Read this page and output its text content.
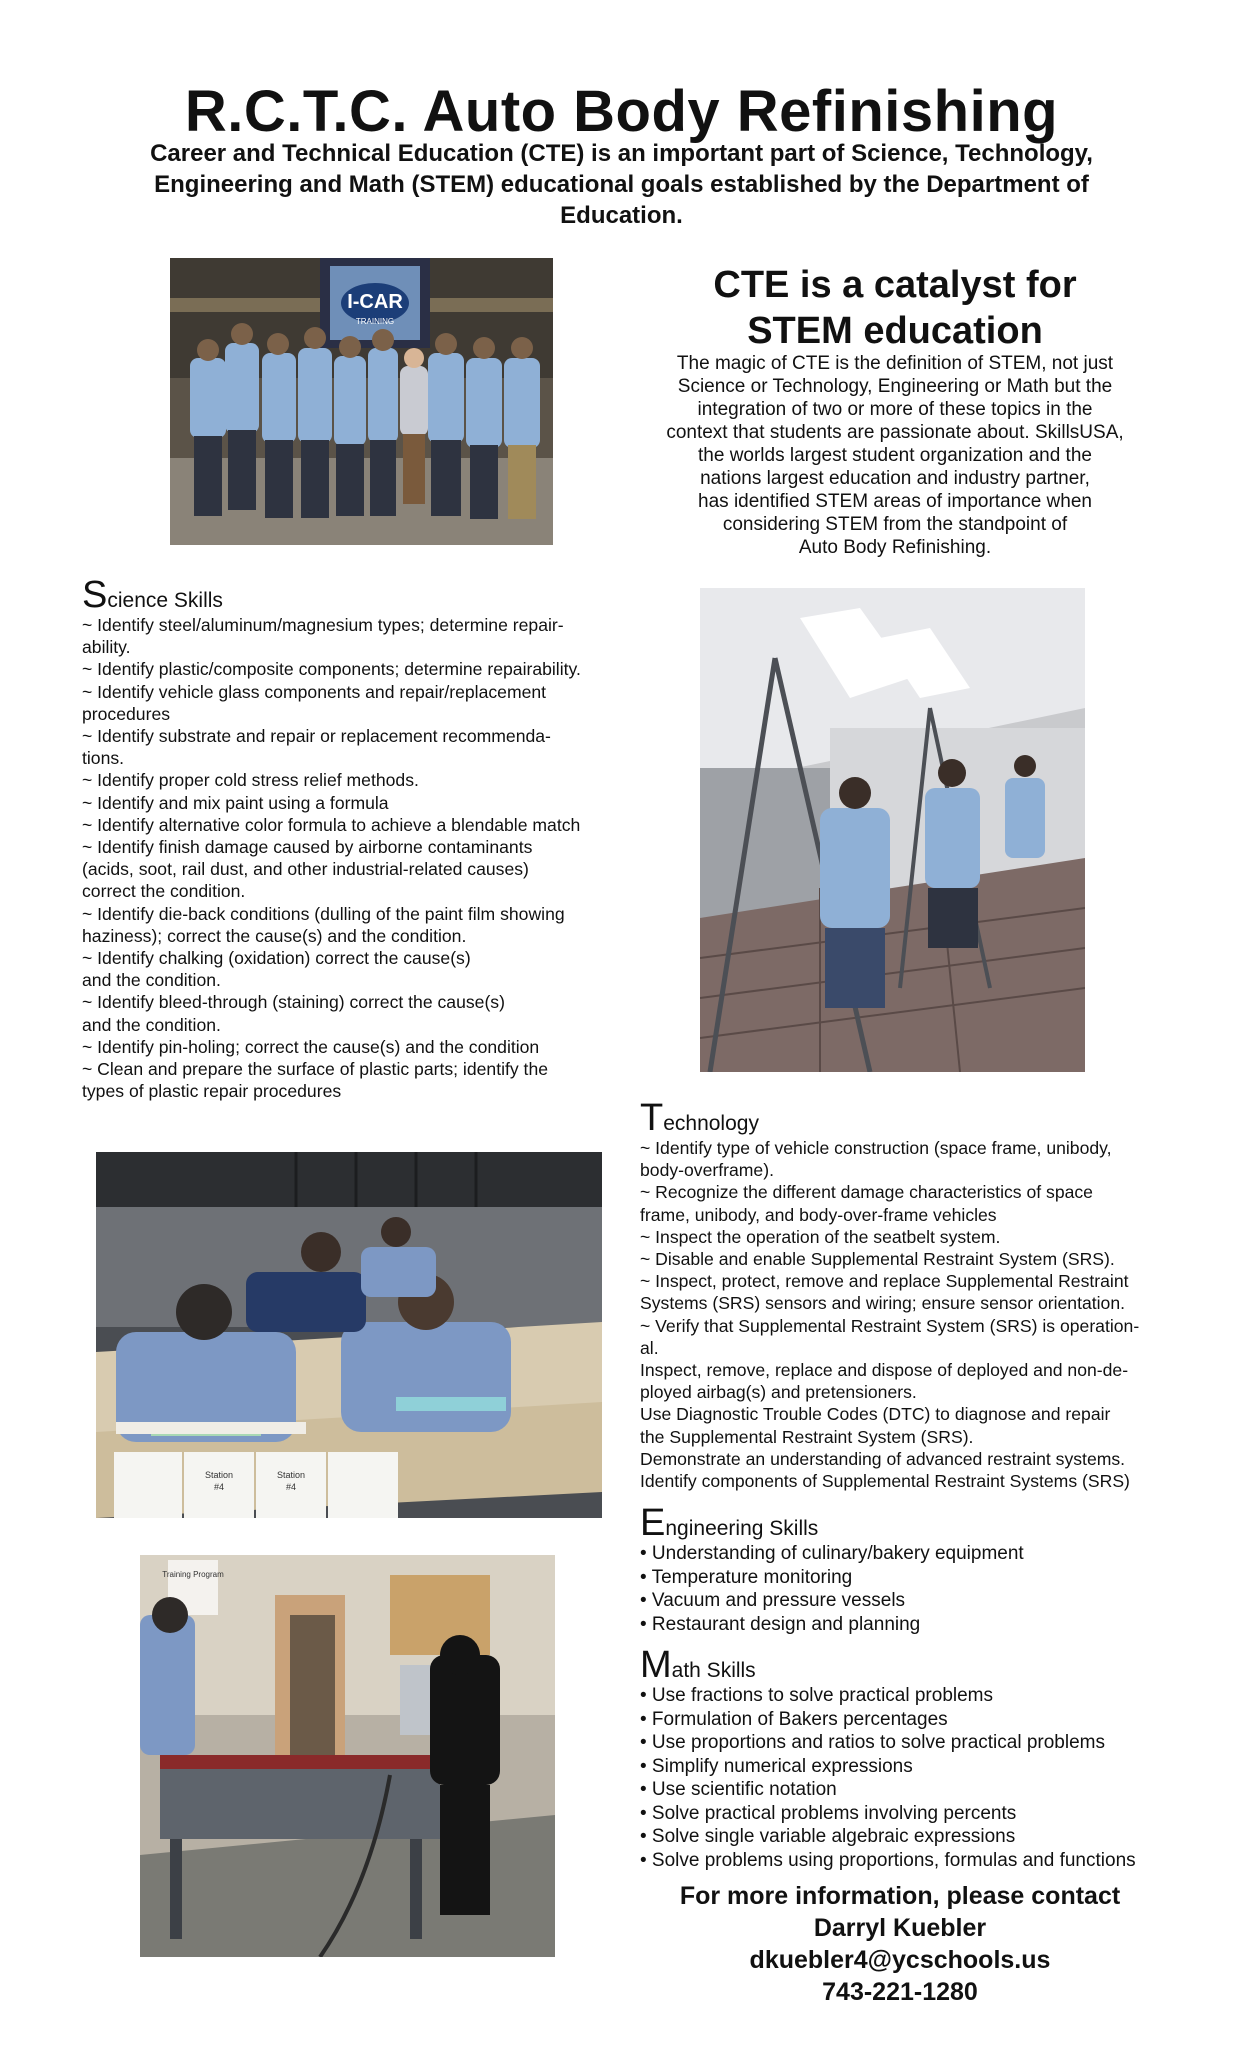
R.C.T.C. Auto Body Refinishing
Career and Technical Education (CTE) is an important part of Science, Technology, Engineering and Math (STEM) educational goals established by the Department of Education.
I-CAR
TRAINING
CTE is a catalyst for
STEM education
The magic of CTE is the definition of STEM, not just
Science or Technology, Engineering or Math but the
integration of two or more of these topics in the
context that students are passionate about. SkillsUSA,
the worlds largest student organization and the
nations largest education and industry partner,
has identified STEM areas of importance when
considering STEM from the standpoint of
Auto Body Refinishing.
Science Skills

~ Identify steel/aluminum/magnesium types; determine repair-

ability.

~ Identify plastic/composite components; determine repairability.

~ Identify vehicle glass components and repair/replacement

procedures

~ Identify substrate and repair or replacement recommenda-

tions.

~ Identify proper cold stress relief methods.

~ Identify and mix paint using a formula

~ Identify alternative color formula to achieve a blendable match

~ Identify finish damage caused by airborne contaminants

(acids, soot, rail dust, and other industrial-related causes)

correct the condition.

~ Identify die-back conditions (dulling of the paint film showing

haziness); correct the cause(s) and the condition.

~ Identify chalking (oxidation) correct the cause(s)

and the condition.

~ Identify bleed-through (staining) correct the cause(s)

and the condition.

~ Identify pin-holing; correct the cause(s) and the condition

~ Clean and prepare the surface of plastic parts; identify the

types of plastic repair procedures

Station
#4
Station
#4
Training Program
Technology

~ Identify type of vehicle construction (space frame, unibody,

body-overframe).

~ Recognize the different damage characteristics of space

frame, unibody, and body-over-frame vehicles

~ Inspect the operation of the seatbelt system.

~ Disable and enable Supplemental Restraint System (SRS).

~ Inspect, protect, remove and replace Supplemental Restraint

Systems (SRS) sensors and wiring; ensure sensor orientation.

~ Verify that Supplemental Restraint System (SRS) is operation-

al.

Inspect, remove, replace and dispose of deployed and non-de-

ployed airbag(s) and pretensioners.

Use Diagnostic Trouble Codes (DTC) to diagnose and repair

the Supplemental Restraint System (SRS).

Demonstrate an understanding of advanced restraint systems.

Identify components of Supplemental Restraint Systems (SRS)

Engineering Skills

• Understanding of culinary/bakery equipment

• Temperature monitoring

• Vacuum and pressure vessels

• Restaurant design and planning

Math Skills

• Use fractions to solve practical problems

• Formulation of Bakers percentages

• Use proportions and ratios to solve practical problems

• Simplify numerical expressions

• Use scientific notation

• Solve practical problems involving percents

• Solve single variable algebraic expressions

• Solve problems using proportions, formulas and functions

For more information, please contact
Darryl Kuebler
dkuebler4@ycschools.us
743-221-1280
